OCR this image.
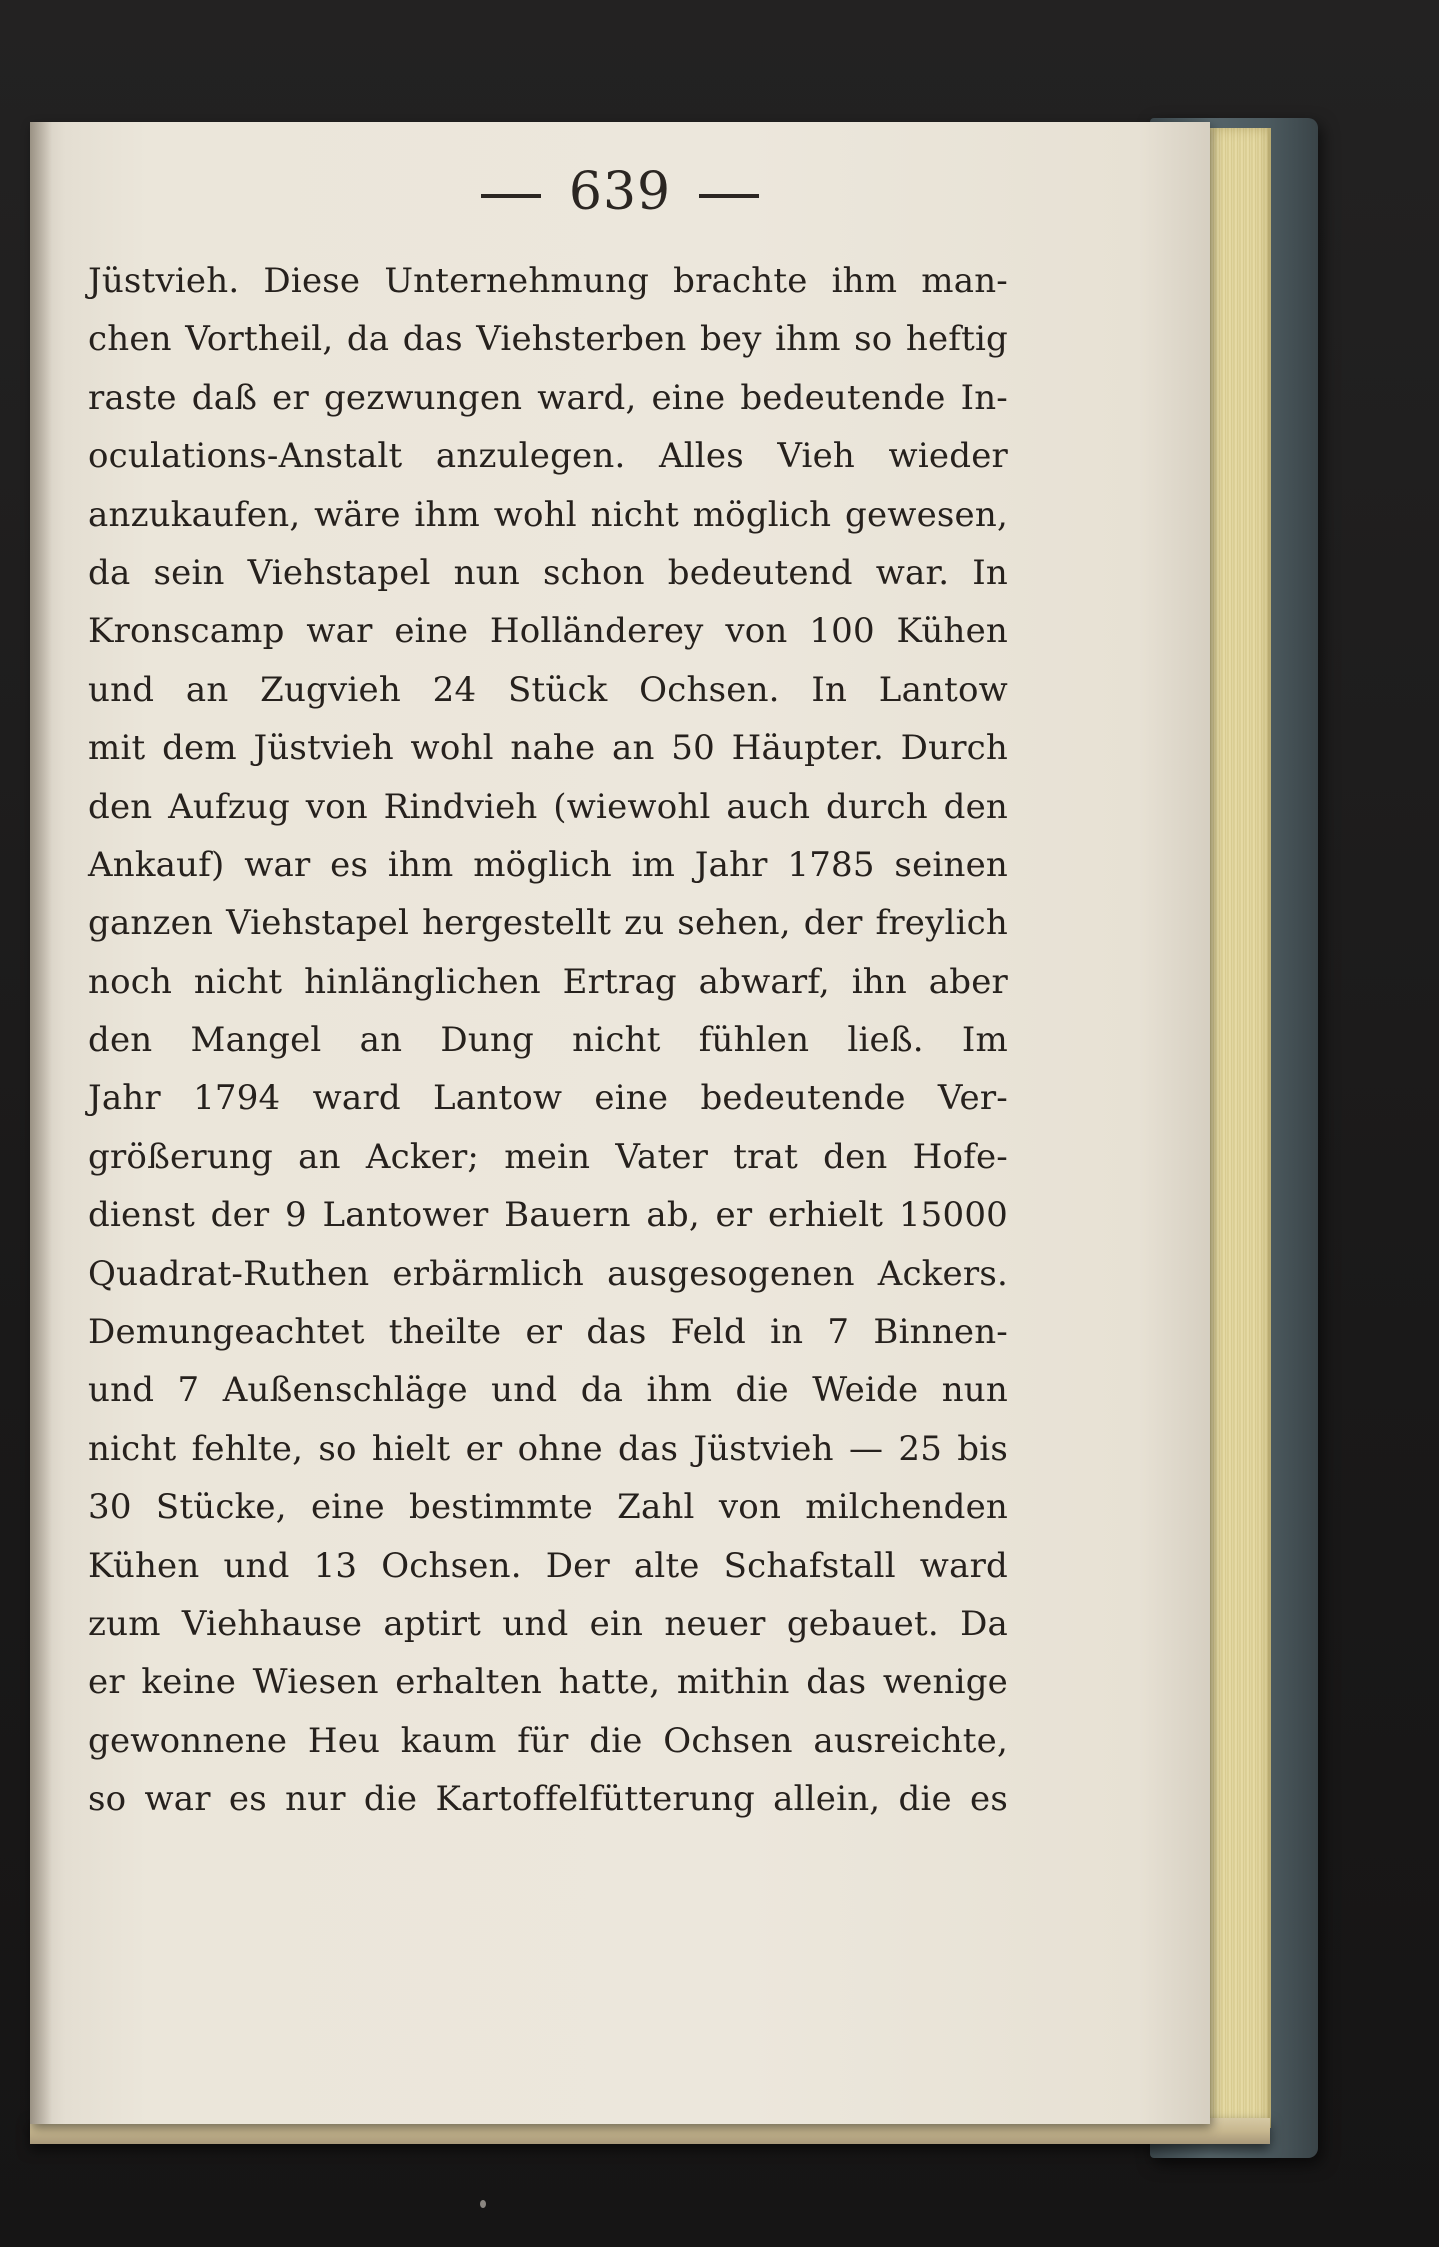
639
Jüstvieh. Diese Unternehmung brachte ihm man-
chen Vortheil, da das Viehsterben bey ihm so heftig
raste daß er gezwungen ward, eine bedeutende In-
oculations-Anstalt anzulegen. Alles Vieh wieder
anzukaufen, wäre ihm wohl nicht möglich gewesen,
da sein Viehstapel nun schon bedeutend war. In
Kronscamp war eine Holländerey von 100 Kühen
und an Zugvieh 24 Stück Ochsen. In Lantow
mit dem Jüstvieh wohl nahe an 50 Häupter. Durch
den Aufzug von Rindvieh (wiewohl auch durch den
Ankauf) war es ihm möglich im Jahr 1785 seinen
ganzen Viehstapel hergestellt zu sehen, der freylich
noch nicht hinlänglichen Ertrag abwarf, ihn aber
den Mangel an Dung nicht fühlen ließ. Im
Jahr 1794 ward Lantow eine bedeutende Ver-
größerung an Acker; mein Vater trat den Hofe-
dienst der 9 Lantower Bauern ab, er erhielt 15000
Quadrat-Ruthen erbärmlich ausgesogenen Ackers.
Demungeachtet theilte er das Feld in 7 Binnen-
und 7 Außenschläge und da ihm die Weide nun
nicht fehlte, so hielt er ohne das Jüstvieh — 25 bis
30 Stücke, eine bestimmte Zahl von milchenden
Kühen und 13 Ochsen. Der alte Schafstall ward
zum Viehhause aptirt und ein neuer gebauet. Da
er keine Wiesen erhalten hatte, mithin das wenige
gewonnene Heu kaum für die Ochsen ausreichte,
so war es nur die Kartoffelfütterung allein, die es
